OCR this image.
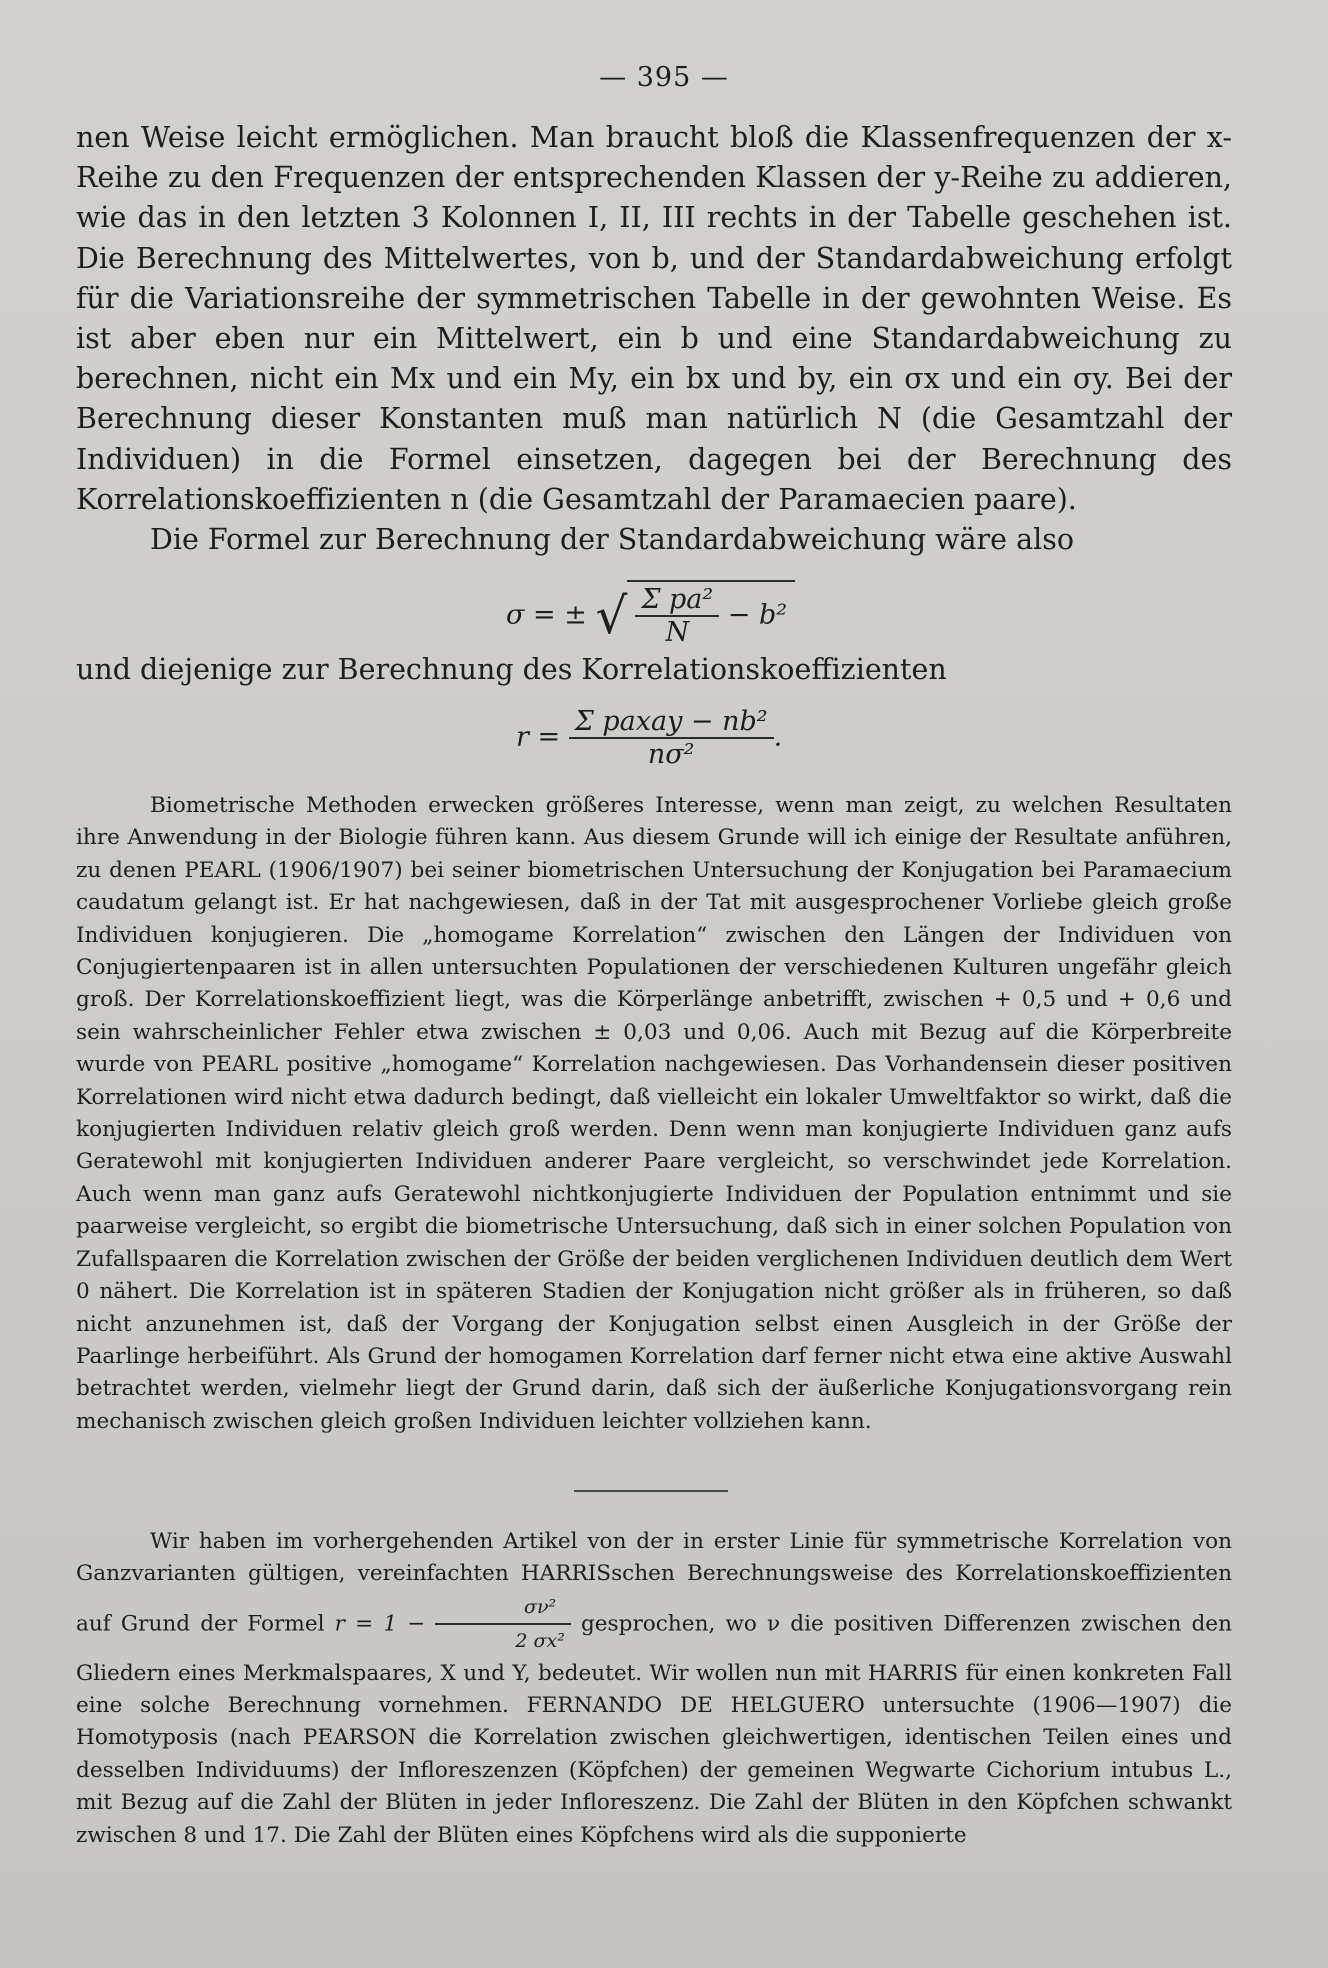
— 395 —

nen Weise leicht ermöglichen. Man braucht bloß die Klassenfrequenzen der x-Reihe zu den Frequenzen der entsprechenden Klassen der y-Reihe zu addieren, wie das in den letzten 3 Kolonnen I, II, III rechts in der Tabelle geschehen ist. Die Berechnung des Mittelwertes, von b, und der Standardabweichung erfolgt für die Variationsreihe der symmetrischen Tabelle in der gewohnten Weise. Es ist aber eben nur ein Mittelwert, ein b und eine Standardabweichung zu berechnen, nicht ein Mx und ein My, ein bx und by, ein σx und ein σy. Bei der Berechnung dieser Konstanten muß man natürlich N (die Gesamtzahl der Individuen) in die Formel einsetzen, dagegen bei der Berechnung des Korrelationskoeffizienten n (die Gesamtzahl der Paramaecien paare).

Die Formel zur Berechnung der Standardabweichung wäre also

σ = ± √ $\frac{\text{Σ pa²}}{N} - b^2$

und diejenige zur Berechnung des Korrelationskoeffizienten

$r = \frac{\text{Σ paxay − nb²}}{\text{nσ²}}$ .

Biometrische Methoden erwecken größeres Interesse, wenn man zeigt, zu welchen Resultaten ihre Anwendung in der Biologie führen kann. Aus diesem Grunde will ich einige der Resultate anführen, zu denen PEARL (1906/1907) bei seiner biometrischen Untersuchung der Konjugation bei Paramaecium caudatum gelangt ist. Er hat nachgewiesen, daß in der Tat mit ausgesprochener Vorliebe gleich große Individuen konjugieren. Die „homogame Korrelation“ zwischen den Längen der Individuen von Conjugiertenpaaren ist in allen untersuchten Populationen der verschiedenen Kulturen ungefähr gleich groß. Der Korrelationskoeffizient liegt, was die Körperlänge anbetrifft, zwischen + 0,5 und + 0,6 und sein wahrscheinlicher Fehler etwa zwischen ± 0,03 und 0,06. Auch mit Bezug auf die Körperbreite wurde von PEARL positive „homogame“ Korrelation nachgewiesen. Das Vorhandensein dieser positiven Korrelationen wird nicht etwa dadurch bedingt, daß vielleicht ein lokaler Umweltfaktor so wirkt, daß die konjugierten Individuen relativ gleich groß werden. Denn wenn man konjugierte Individuen ganz aufs Geratewohl mit konjugierten Individuen anderer Paare vergleicht, so verschwindet jede Korrelation. Auch wenn man ganz aufs Geratewohl nichtkonjugierte Individuen der Population entnimmt und sie paarweise vergleicht, so ergibt die biometrische Untersuchung, daß sich in einer solchen Population von Zufallspaaren die Korrelation zwischen der Größe der beiden verglichenen Individuen deutlich dem Wert 0 nähert. Die Korrelation ist in späteren Stadien der Konjugation nicht größer als in früheren, so daß nicht anzunehmen ist, daß der Vorgang der Konjugation selbst einen Ausgleich in der Größe der Paarlinge herbeiführt. Als Grund der homogamen Korrelation darf ferner nicht etwa eine aktive Auswahl betrachtet werden, vielmehr liegt der Grund darin, daß sich der äußerliche Konjugationsvorgang rein mechanisch zwischen gleich großen Individuen leichter vollziehen kann.

Wir haben im vorhergehenden Artikel von der in erster Linie für symmetrische Korrelation von Ganzvarianten gültigen, vereinfachten HARRISschen Berechnungsweise des Korrelationskoeffizienten auf Grund der Formel $r = 1 - \frac{\text{σν²}}{\text{2 σx²}}$ gesprochen, wo ν die positiven Differenzen zwischen den Gliedern eines Merkmalspaares, X und Y, bedeutet. Wir wollen nun mit HARRIS für einen konkreten Fall eine solche Berechnung vornehmen. FERNANDO DE HELGUERO untersuchte (1906—1907) die Homotyposis (nach PEARSON die Korrelation zwischen gleichwertigen, identischen Teilen eines und desselben Individuums) der Infloreszenzen (Köpfchen) der gemeinen Wegwarte Cichorium intubus L., mit Bezug auf die Zahl der Blüten in jeder Infloreszenz. Die Zahl der Blüten in den Köpfchen schwankt zwischen 8 und 17. Die Zahl der Blüten eines Köpfchens wird als die supponierte
